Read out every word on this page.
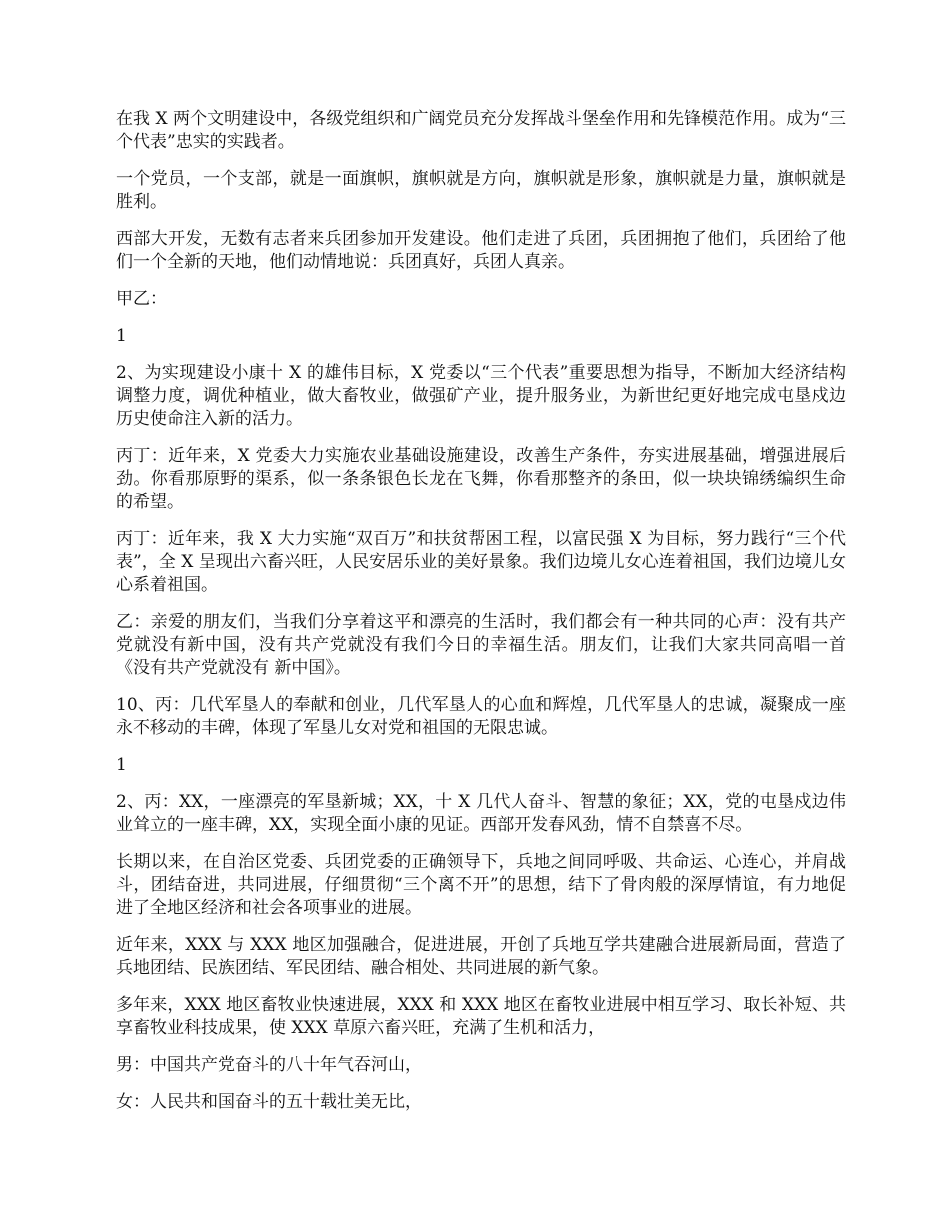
在我 X 两个文明建设中，各级党组织和广阔党员充分发挥战斗堡垒作用和先锋模范作用。成为“三个代表”忠实的实践者。

一个党员，一个支部，就是一面旗帜，旗帜就是方向，旗帜就是形象，旗帜就是力量，旗帜就是胜利。

西部大开发，无数有志者来兵团参加开发建设。他们走进了兵团，兵团拥抱了他们，兵团给了他们一个全新的天地，他们动情地说：兵团真好，兵团人真亲。

甲乙：

1

2、为实现建设小康十 X 的雄伟目标，X 党委以“三个代表”重要思想为指导，不断加大经济结构调整力度，调优种植业，做大畜牧业，做强矿产业，提升服务业，为新世纪更好地完成屯垦戍边历史使命注入新的活力。

丙丁：近年来，X 党委大力实施农业基础设施建设，改善生产条件，夯实进展基础，增强进展后劲。你看那原野的渠系，似一条条银色长龙在飞舞，你看那整齐的条田，似一块块锦绣编织生命的希望。

丙丁：近年来，我 X 大力实施“双百万”和扶贫帮困工程，以富民强 X 为目标，努力践行“三个代表”，全 X 呈现出六畜兴旺，人民安居乐业的美好景象。我们边境儿女心连着祖国，我们边境儿女心系着祖国。

乙：亲爱的朋友们，当我们分享着这平和漂亮的生活时，我们都会有一种共同的心声：没有共产党就没有新中国，没有共产党就没有我们今日的幸福生活。朋友们，让我们大家共同高唱一首《没有共产党就没有 新中国》。

10、丙：几代军垦人的奉献和创业，几代军垦人的心血和辉煌，几代军垦人的忠诚，凝聚成一座永不移动的丰碑，体现了军垦儿女对党和祖国的无限忠诚。

1

2、丙：XX，一座漂亮的军垦新城；XX，十 X 几代人奋斗、智慧的象征；XX，党的屯垦戍边伟业耸立的一座丰碑，XX，实现全面小康的见证。西部开发春风劲，情不自禁喜不尽。

长期以来，在自治区党委、兵团党委的正确领导下，兵地之间同呼吸、共命运、心连心，并肩战斗，团结奋进，共同进展，仔细贯彻“三个离不开”的思想，结下了骨肉般的深厚情谊，有力地促进了全地区经济和社会各项事业的进展。

近年来，XXX 与 XXX 地区加强融合，促进进展，开创了兵地互学共建融合进展新局面，营造了兵地团结、民族团结、军民团结、融合相处、共同进展的新气象。

多年来，XXX 地区畜牧业快速进展，XXX 和 XXX 地区在畜牧业进展中相互学习、取长补短、共享畜牧业科技成果，使 XXX 草原六畜兴旺，充满了生机和活力，

男：中国共产党奋斗的八十年气吞河山，

女：人民共和国奋斗的五十载壮美无比，
